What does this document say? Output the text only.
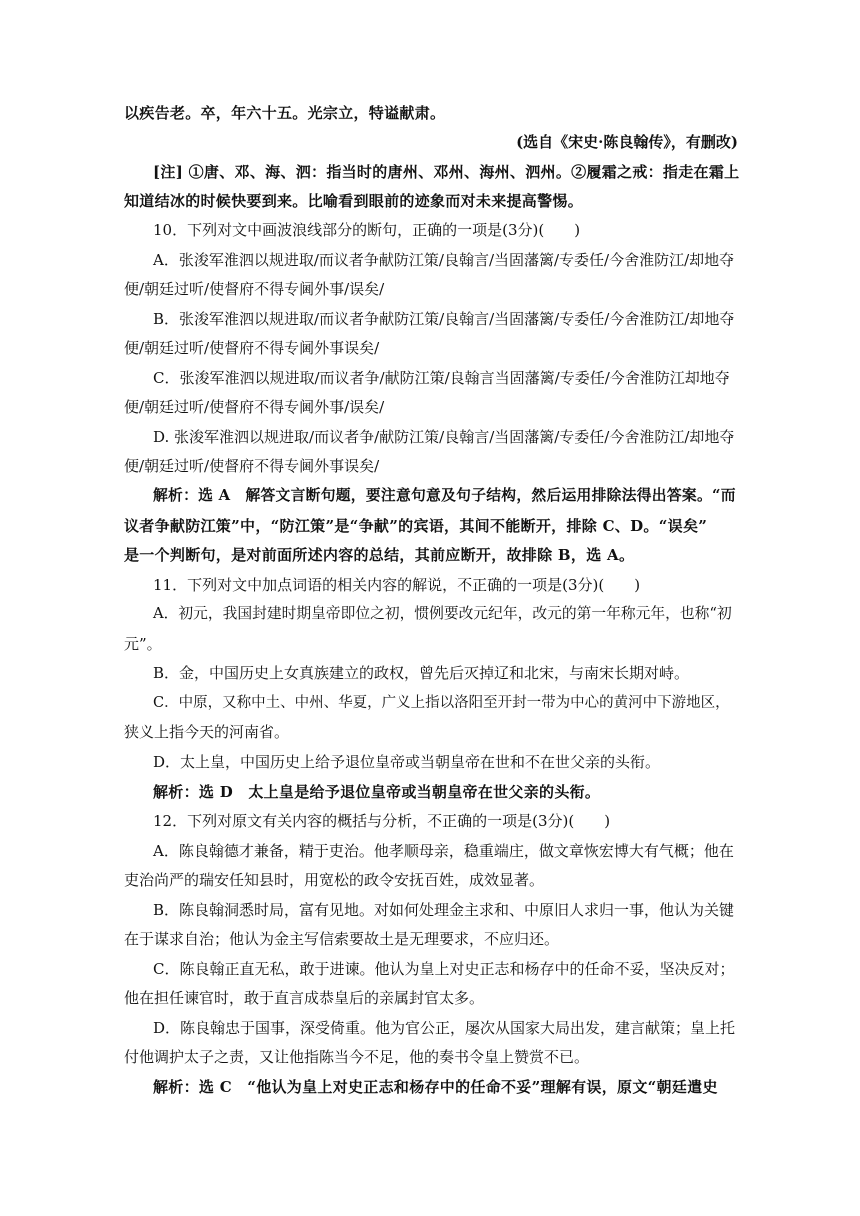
以疾告老。卒，年六十五。光宗立，特谥献肃。
(选自《宋史·陈良翰传》，有删改)
[注] ①唐、邓、海、泗：指当时的唐州、邓州、海州、泗州。②履霜之戒：指走在霜上
知道结冰的时候快要到来。比喻看到眼前的迹象而对未来提高警惕。
10．下列对文中画波浪线部分的断句，正确的一项是(3分)(　　)
A．张浚军淮泗以规进取/而议者争献防江策/良翰言/当固藩篱/专委任/今舍淮防江/却地夺
便/朝廷过听/使督府不得专阃外事/误矣/
B．张浚军淮泗以规进取/而议者争献防江策/良翰言/当固藩篱/专委任/今舍淮防江/却地夺
便/朝廷过听/使督府不得专阃外事误矣/
C．张浚军淮泗以规进取/而议者争/献防江策/良翰言当固藩篱/专委任/今舍淮防江却地夺
便/朝廷过听/使督府不得专阃外事/误矣/
D. 张浚军淮泗以规进取/而议者争/献防江策/良翰言/当固藩篱/专委任/今舍淮防江/却地夺
便/朝廷过听/使督府不得专阃外事误矣/
解析：选 A　解答文言断句题，要注意句意及句子结构，然后运用排除法得出答案。“而
议者争献防江策”中，“防江策”是“争献”的宾语，其间不能断开，排除 C、D。“误矣”
是一个判断句，是对前面所述内容的总结，其前应断开，故排除 B，选 A。
11．下列对文中加点词语的相关内容的解说，不正确的一项是(3分)(　　)
A．初元，我国封建时期皇帝即位之初，惯例要改元纪年，改元的第一年称元年，也称“初
元”。
B．金，中国历史上女真族建立的政权，曾先后灭掉辽和北宋，与南宋长期对峙。
C．中原，又称中土、中州、华夏，广义上指以洛阳至开封一带为中心的黄河中下游地区，
狭义上指今天的河南省。
D．太上皇，中国历史上给予退位皇帝或当朝皇帝在世和不在世父亲的头衔。
解析：选 D　太上皇是给予退位皇帝或当朝皇帝在世父亲的头衔。
12．下列对原文有关内容的概括与分析，不正确的一项是(3分)(　　)
A．陈良翰德才兼备，精于吏治。他孝顺母亲，稳重端庄，做文章恢宏博大有气概；他在
吏治尚严的瑞安任知县时，用宽松的政令安抚百姓，成效显著。
B．陈良翰洞悉时局，富有见地。对如何处理金主求和、中原旧人求归一事，他认为关键
在于谋求自治；他认为金主写信索要故土是无理要求，不应归还。
C．陈良翰正直无私，敢于进谏。他认为皇上对史正志和杨存中的任命不妥，坚决反对；
他在担任谏官时，敢于直言成恭皇后的亲属封官太多。
D．陈良翰忠于国事，深受倚重。他为官公正，屡次从国家大局出发，建言献策；皇上托
付他调护太子之责，又让他指陈当今不足，他的奏书令皇上赞赏不已。
解析：选 C　“他认为皇上对史正志和杨存中的任命不妥”理解有误，原文“朝廷遣史
